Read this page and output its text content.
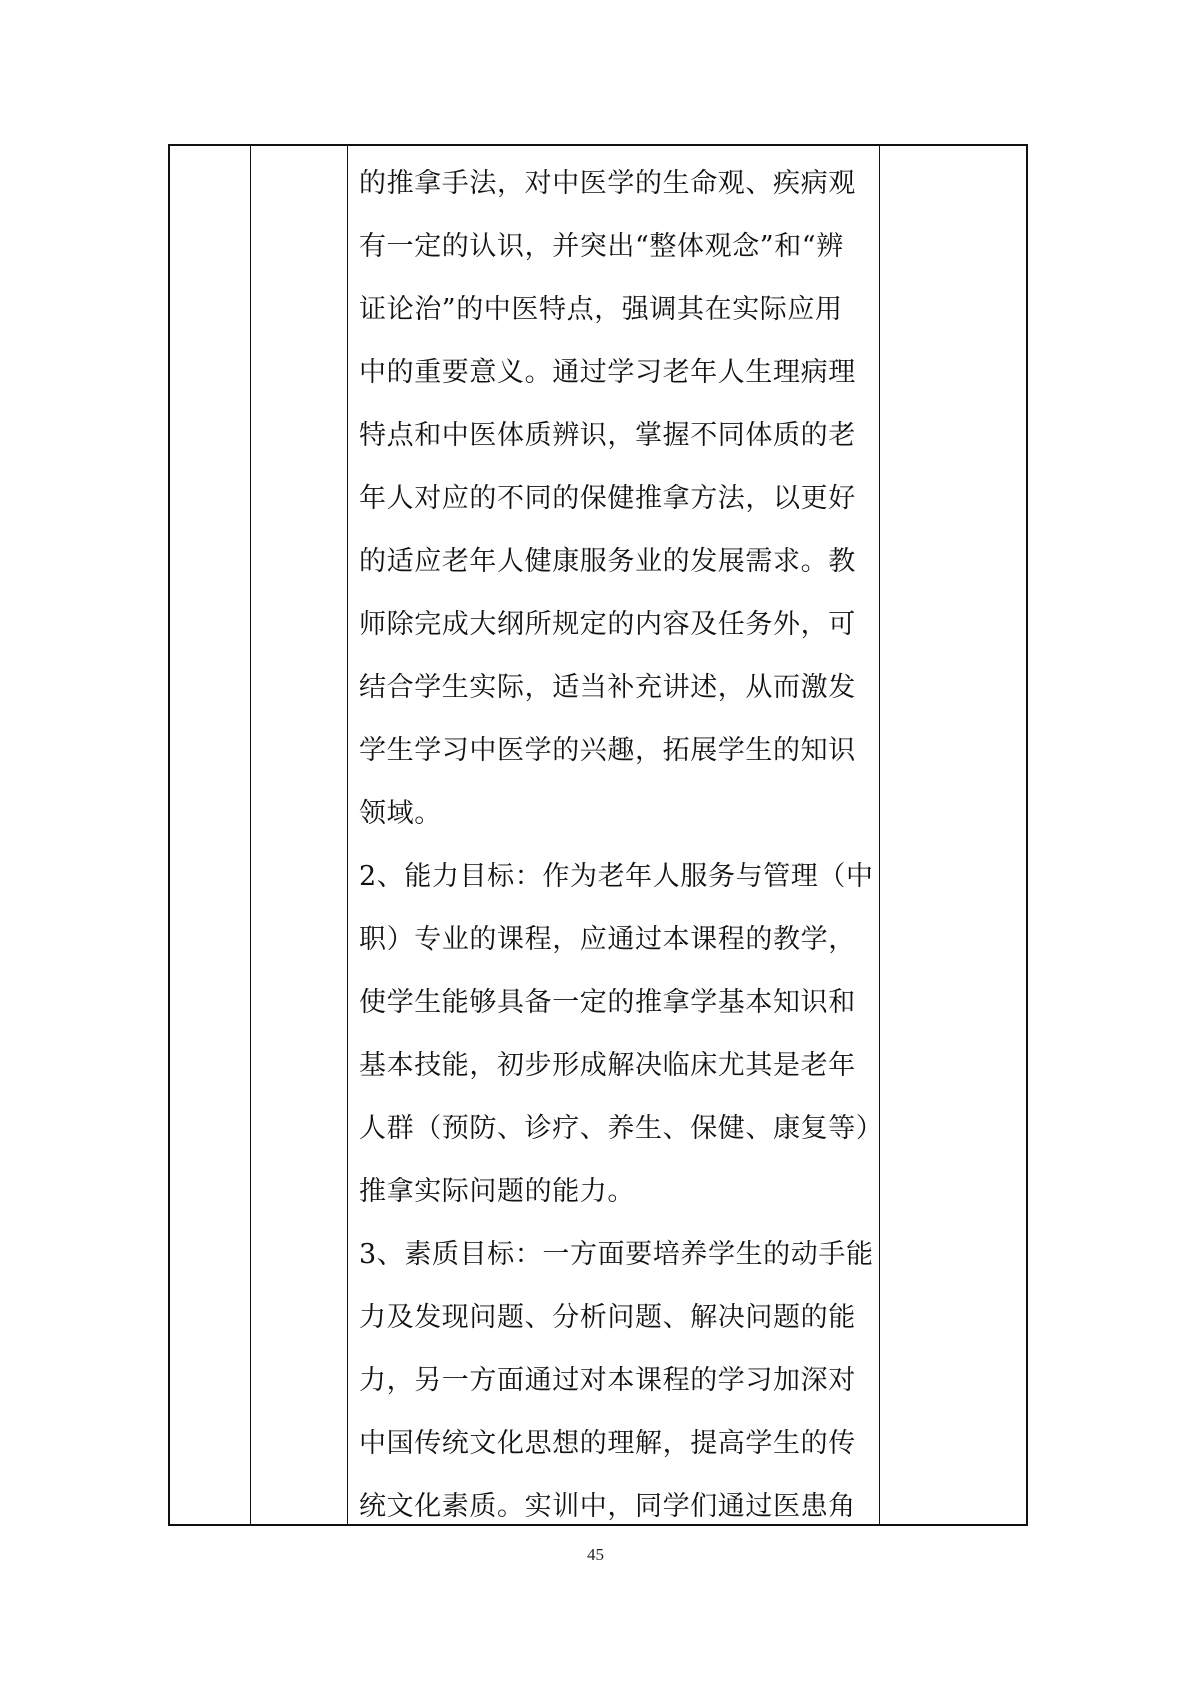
的推拿手法，对中医学的生命观、疾病观
有一定的认识，并突出“整体观念”和“辨
证论治”的中医特点，强调其在实际应用
中的重要意义。通过学习老年人生理病理
特点和中医体质辨识，掌握不同体质的老
年人对应的不同的保健推拿方法，以更好
的适应老年人健康服务业的发展需求。教
师除完成大纲所规定的内容及任务外，可
结合学生实际，适当补充讲述，从而激发
学生学习中医学的兴趣，拓展学生的知识
领域。
2、能力目标：作为老年人服务与管理（中
职）专业的课程，应通过本课程的教学，
使学生能够具备一定的推拿学基本知识和
基本技能，初步形成解决临床尤其是老年
人群（预防、诊疗、养生、保健、康复等）
推拿实际问题的能力。
3、素质目标：一方面要培养学生的动手能
力及发现问题、分析问题、解决问题的能
力，另一方面通过对本课程的学习加深对
中国传统文化思想的理解，提高学生的传
统文化素质。实训中，同学们通过医患角
45
